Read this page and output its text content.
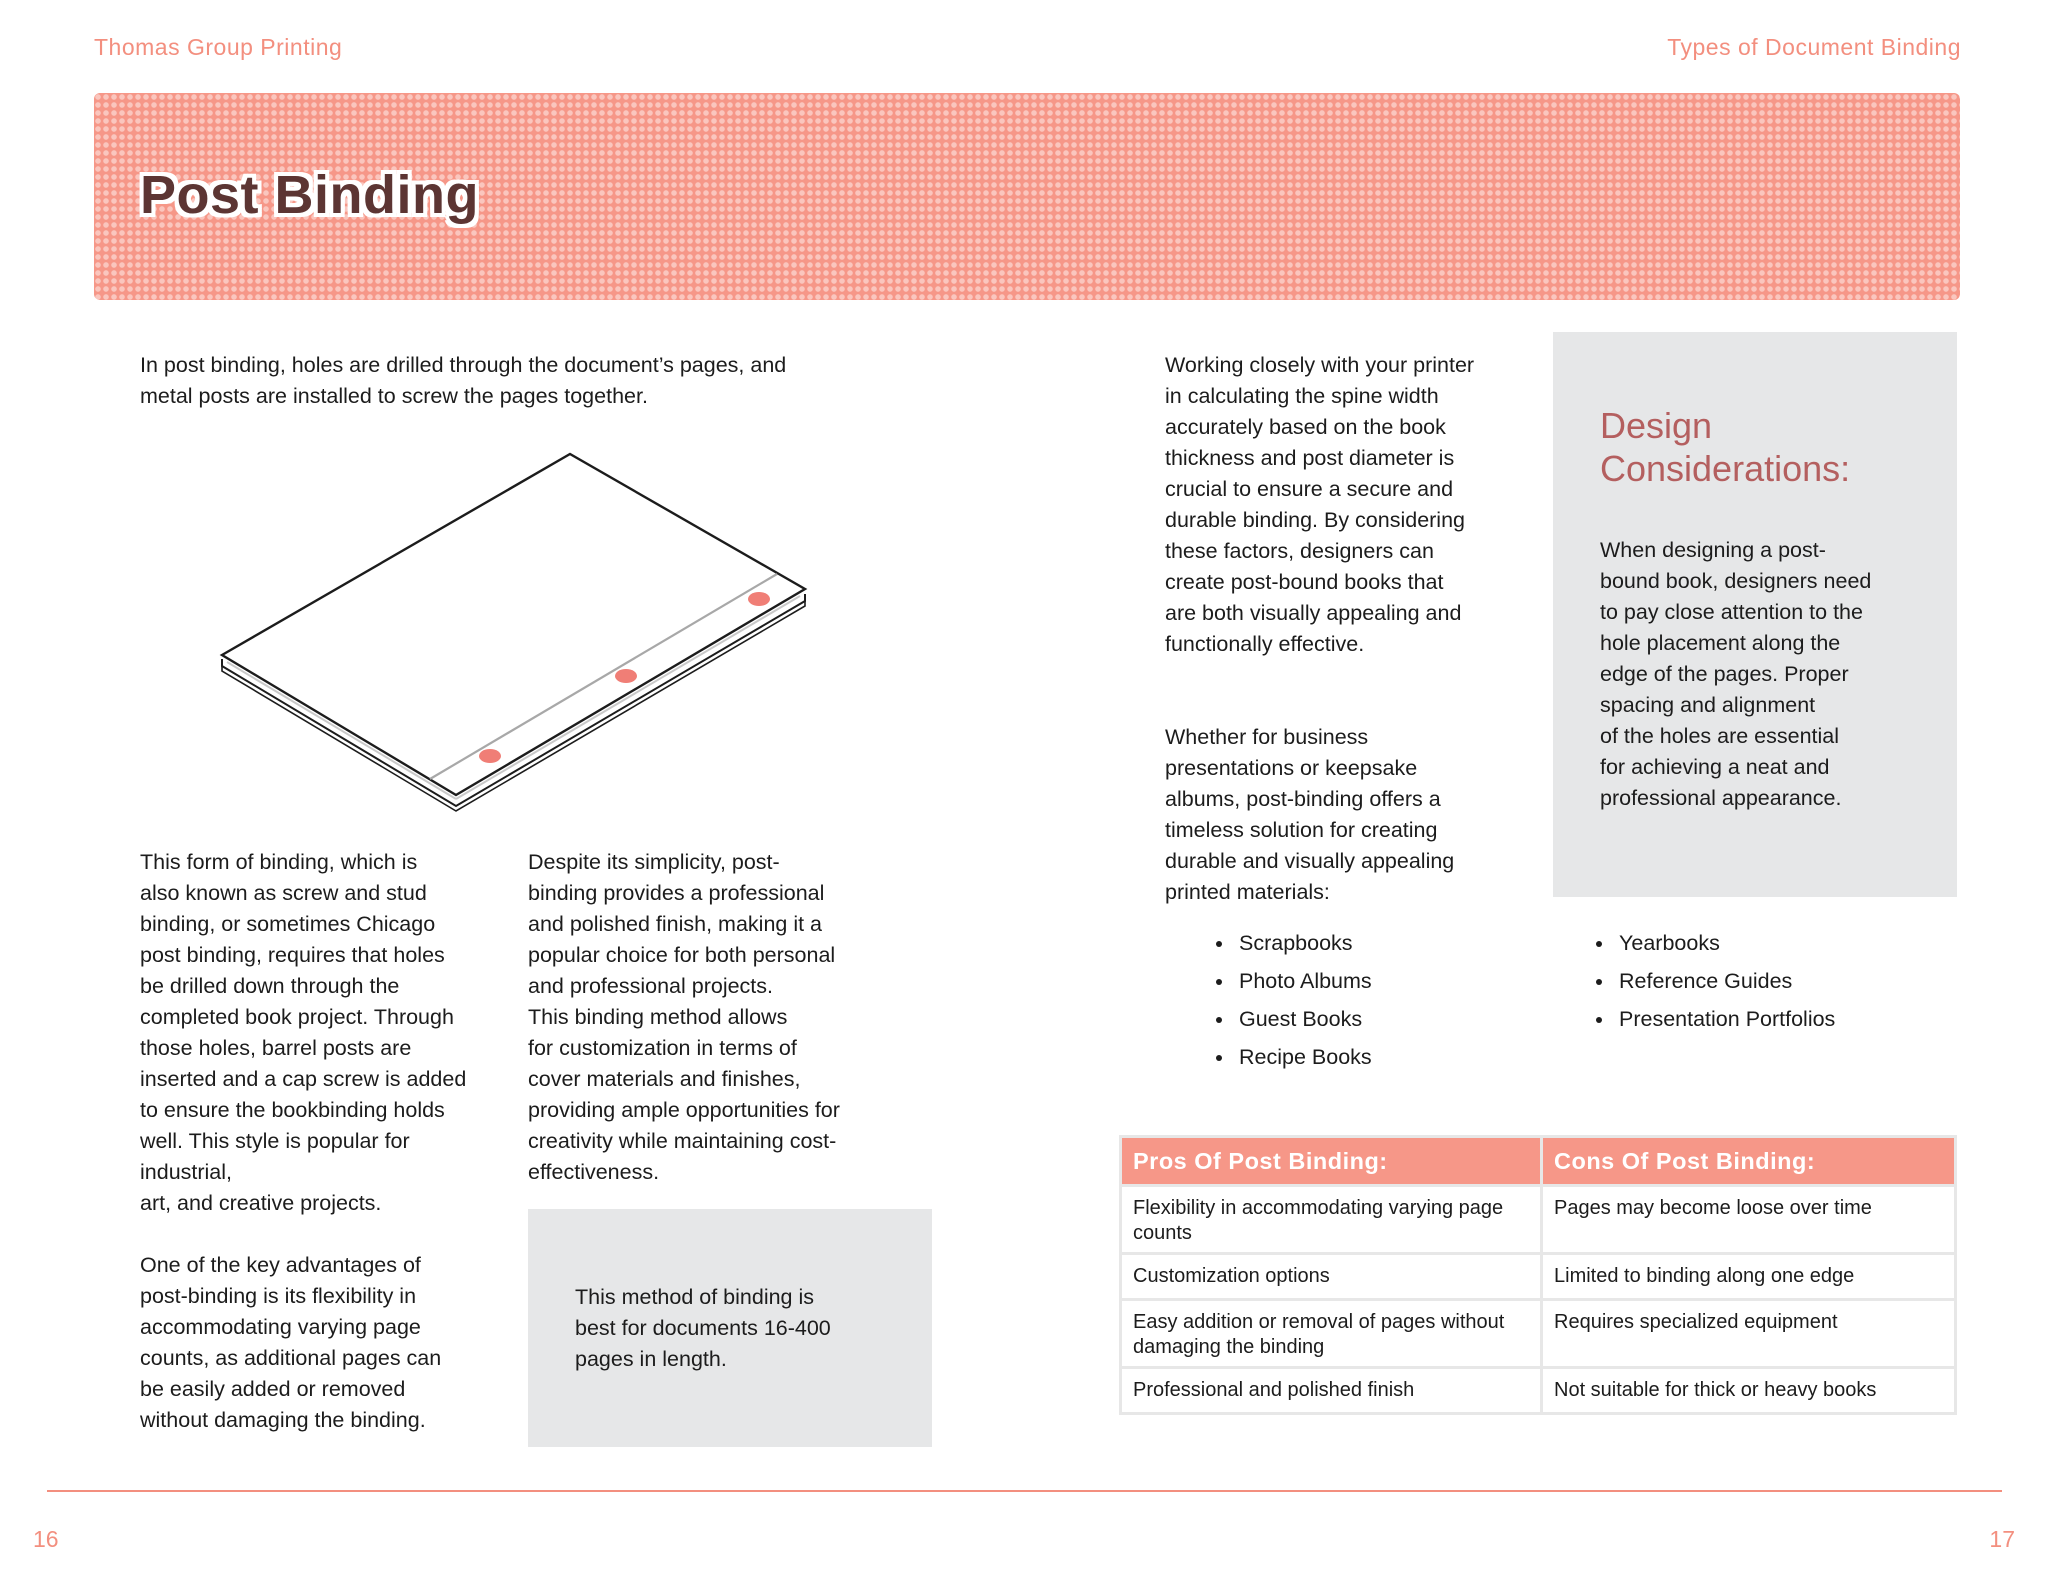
Thomas Group Printing	Types of Document Binding
Post Binding
In post binding, holes are drilled through the document’s pages, and
metal posts are installed to screw the pages together.
This form of binding, which is
also known as screw and stud
binding, or sometimes Chicago
post binding, requires that holes
be drilled down through the
completed book project. Through
those holes, barrel posts are
inserted and a cap screw is added
to ensure the bookbinding holds
well. This style is popular for
industrial,
art, and creative projects.

One of the key advantages of
post-binding is its flexibility in
accommodating varying page
counts, as additional pages can
be easily added or removed
without damaging the binding.
Despite its simplicity, post-
binding provides a professional
and polished finish, making it a
popular choice for both personal
and professional projects.
This binding method allows
for customization in terms of
cover materials and finishes,
providing ample opportunities for
creativity while maintaining cost-
effectiveness.
This method of binding is
best for documents 16-400
pages in length.
Working closely with your printer
in calculating the spine width
accurately based on the book
thickness and post diameter is
crucial to ensure a secure and
durable binding. By considering
these factors, designers can
create post-bound books that
are both visually appealing and
functionally effective.
Whether for business
presentations or keepsake
albums, post-binding offers a
timeless solution for creating
durable and visually appealing
printed materials:
Design
Considerations:
When designing a post-
bound book, designers need
to pay close attention to the
hole placement along the
edge of the pages. Proper
spacing and alignment
of the holes are essential
for achieving a neat and
professional appearance.
• Scrapbooks
• Photo Albums
• Guest Books
• Recipe Books
• Yearbooks
• Reference Guides
• Presentation Portfolios
Pros Of Post Binding:	Cons Of Post Binding:
Flexibility in accommodating varying page counts	Pages may become loose over time
Customization options	Limited to binding along one edge
Easy addition or removal of pages without damaging the binding	Requires specialized equipment
Professional and polished finish	Not suitable for thick or heavy books
16	17
